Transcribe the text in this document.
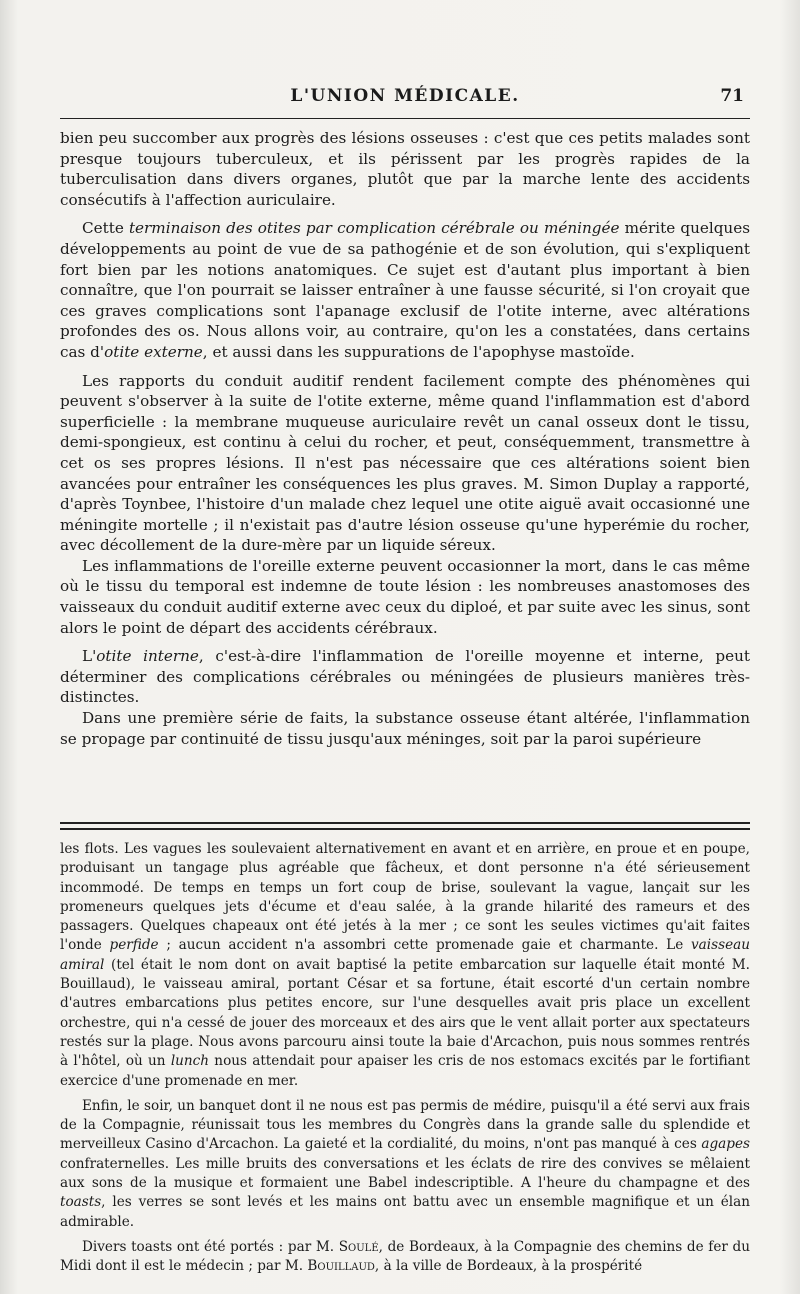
L'UNION MÉDICALE.	71

bien peu succomber aux progrès des lésions osseuses : c'est que ces petits malades sont presque toujours tuberculeux, et ils périssent par les progrès rapides de la tuberculisation dans divers organes, plutôt que par la marche lente des accidents consécutifs à l'affection auriculaire.

Cette terminaison des otites par complication cérébrale ou méningée mérite quelques développements au point de vue de sa pathogénie et de son évolution, qui s'expliquent fort bien par les notions anatomiques. Ce sujet est d'autant plus important à bien connaître, que l'on pourrait se laisser entraîner à une fausse sécurité, si l'on croyait que ces graves complications sont l'apanage exclusif de l'otite interne, avec altérations profondes des os. Nous allons voir, au contraire, qu'on les a constatées, dans certains cas d'otite externe, et aussi dans les suppurations de l'apophyse mastoïde.

Les rapports du conduit auditif rendent facilement compte des phénomènes qui peuvent s'observer à la suite de l'otite externe, même quand l'inflammation est d'abord superficielle : la membrane muqueuse auriculaire revêt un canal osseux dont le tissu, demi-spongieux, est continu à celui du rocher, et peut, conséquemment, transmettre à cet os ses propres lésions. Il n'est pas nécessaire que ces altérations soient bien avancées pour entraîner les conséquences les plus graves. M. Simon Duplay a rapporté, d'après Toynbee, l'histoire d'un malade chez lequel une otite aiguë avait occasionné une méningite mortelle ; il n'existait pas d'autre lésion osseuse qu'une hyperémie du rocher, avec décollement de la dure-mère par un liquide séreux.

Les inflammations de l'oreille externe peuvent occasionner la mort, dans le cas même où le tissu du temporal est indemne de toute lésion : les nombreuses anastomoses des vaisseaux du conduit auditif externe avec ceux du diploé, et par suite avec les sinus, sont alors le point de départ des accidents cérébraux.

L'otite interne, c'est-à-dire l'inflammation de l'oreille moyenne et interne, peut déterminer des complications cérébrales ou méningées de plusieurs manières très-distinctes.

Dans une première série de faits, la substance osseuse étant altérée, l'inflammation se propage par continuité de tissu jusqu'aux méninges, soit par la paroi supérieure

les flots. Les vagues les soulevaient alternativement en avant et en arrière, en proue et en poupe, produisant un tangage plus agréable que fâcheux, et dont personne n'a été sérieusement incommodé. De temps en temps un fort coup de brise, soulevant la vague, lançait sur les promeneurs quelques jets d'écume et d'eau salée, à la grande hilarité des rameurs et des passagers. Quelques chapeaux ont été jetés à la mer ; ce sont les seules victimes qu'ait faites l'onde perfide ; aucun accident n'a assombri cette promenade gaie et charmante. Le vaisseau amiral (tel était le nom dont on avait baptisé la petite embarcation sur laquelle était monté M. Bouillaud), le vaisseau amiral, portant César et sa fortune, était escorté d'un certain nombre d'autres embarcations plus petites encore, sur l'une desquelles avait pris place un excellent orchestre, qui n'a cessé de jouer des morceaux et des airs que le vent allait porter aux spectateurs restés sur la plage. Nous avons parcouru ainsi toute la baie d'Arcachon, puis nous sommes rentrés à l'hôtel, où un lunch nous attendait pour apaiser les cris de nos estomacs excités par le fortifiant exercice d'une promenade en mer.

Enfin, le soir, un banquet dont il ne nous est pas permis de médire, puisqu'il a été servi aux frais de la Compagnie, réunissait tous les membres du Congrès dans la grande salle du splendide et merveilleux Casino d'Arcachon. La gaieté et la cordialité, du moins, n'ont pas manqué à ces agapes confraternelles. Les mille bruits des conversations et les éclats de rire des convives se mêlaient aux sons de la musique et formaient une Babel indescriptible. A l'heure du champagne et des toasts, les verres se sont levés et les mains ont battu avec un ensemble magnifique et un élan admirable.

Divers toasts ont été portés : par M. Soulé, de Bordeaux, à la Compagnie des chemins de fer du Midi dont il est le médecin ; par M. Bouillaud, à la ville de Bordeaux, à la prospérité
